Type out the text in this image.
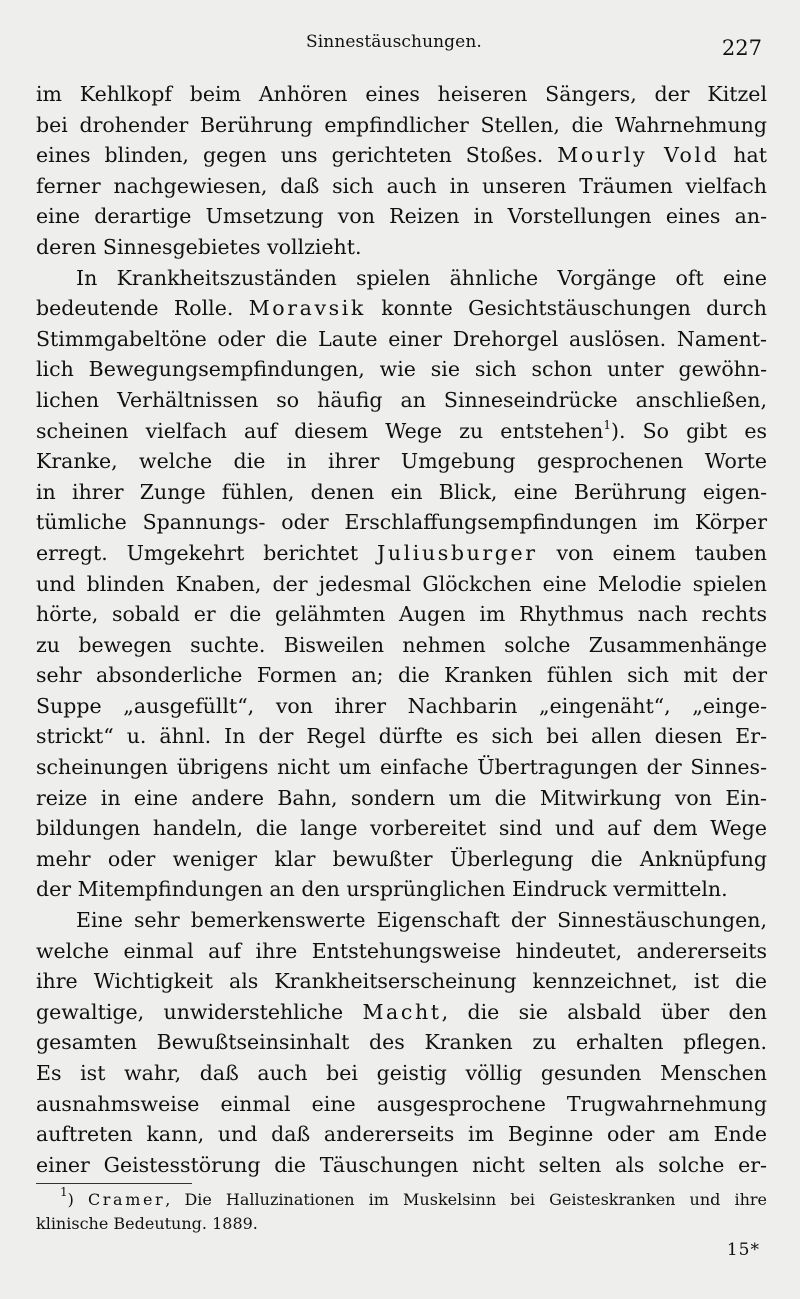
Sinnestäuschungen.	227
im Kehlkopf beim Anhören eines heiseren Sängers, der Kitzel
bei drohender Berührung empfindlicher Stellen, die Wahrnehmung
eines blinden, gegen uns gerichteten Stoßes. Mourly Vold hat
ferner nachgewiesen, daß sich auch in unseren Träumen vielfach
eine derartige Umsetzung von Reizen in Vorstellungen eines an-
deren Sinnesgebietes vollzieht.
In Krankheitszuständen spielen ähnliche Vorgänge oft eine
bedeutende Rolle. Moravsik konnte Gesichtstäuschungen durch
Stimmgabeltöne oder die Laute einer Drehorgel auslösen. Nament-
lich Bewegungsempfindungen, wie sie sich schon unter gewöhn-
lichen Verhältnissen so häufig an Sinneseindrücke anschließen,
scheinen vielfach auf diesem Wege zu entstehen$^1$). So gibt es
Kranke, welche die in ihrer Umgebung gesprochenen Worte
in ihrer Zunge fühlen, denen ein Blick, eine Berührung eigen-
tümliche Spannungs- oder Erschlaffungsempfindungen im Körper
erregt. Umgekehrt berichtet Juliusburger von einem tauben
und blinden Knaben, der jedesmal Glöckchen eine Melodie spielen
hörte, sobald er die gelähmten Augen im Rhythmus nach rechts
zu bewegen suchte. Bisweilen nehmen solche Zusammenhänge
sehr absonderliche Formen an; die Kranken fühlen sich mit der
Suppe „ausgefüllt“, von ihrer Nachbarin „eingenäht“, „einge-
strickt“ u. ähnl. In der Regel dürfte es sich bei allen diesen Er-
scheinungen übrigens nicht um einfache Übertragungen der Sinnes-
reize in eine andere Bahn, sondern um die Mitwirkung von Ein-
bildungen handeln, die lange vorbereitet sind und auf dem Wege
mehr oder weniger klar bewußter Überlegung die Anknüpfung
der Mitempfindungen an den ursprünglichen Eindruck vermitteln.
Eine sehr bemerkenswerte Eigenschaft der Sinnestäuschungen,
welche einmal auf ihre Entstehungsweise hindeutet, andererseits
ihre Wichtigkeit als Krankheitserscheinung kennzeichnet, ist die
gewaltige, unwiderstehliche Macht, die sie alsbald über den
gesamten Bewußtseinsinhalt des Kranken zu erhalten pflegen.
Es ist wahr, daß auch bei geistig völlig gesunden Menschen
ausnahmsweise einmal eine ausgesprochene Trugwahrnehmung
auftreten kann, und daß andererseits im Beginne oder am Ende
einer Geistesstörung die Täuschungen nicht selten als solche er-
$^1$) Cramer, Die Halluzinationen im Muskelsinn bei Geisteskranken und ihre
klinische Bedeutung. 1889.
15*
